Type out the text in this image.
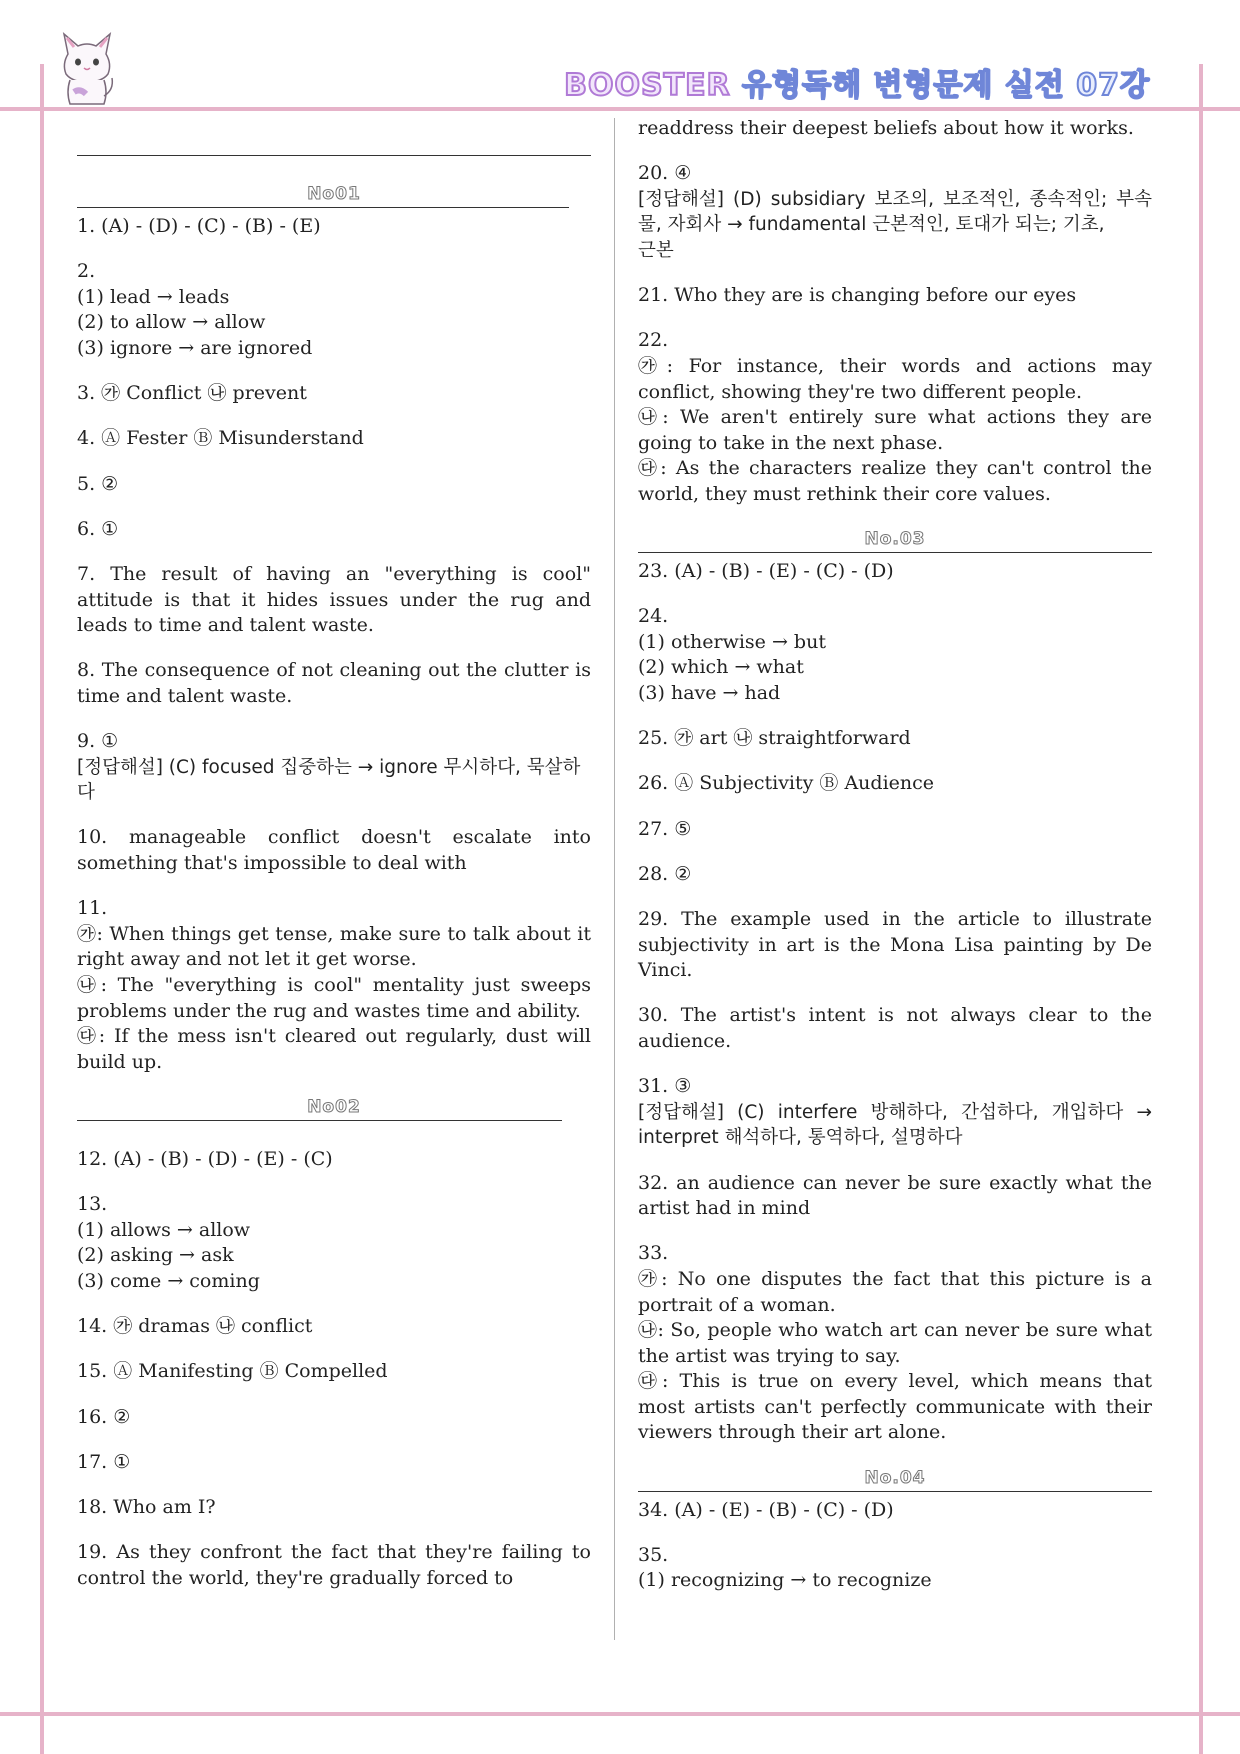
BOOSTER 유형독해 변형문제 실전 07강
No01

1. (A) - (D) - (C) - (B) - (E)

2.

(1) lead → leads

(2) to allow → allow

(3) ignore → are ignored

3. ㉮ Conflict ㉯ prevent

4. Ⓐ Fester Ⓑ Misunderstand

5. ②

6. ①

7. The result of having an "everything is cool" attitude is that it hides issues under the rug and leads to time and talent waste.

8. The consequence of not cleaning out the clutter is time and talent waste.

9. ①

[정답해설] (C) focused 집중하는 → ignore 무시하다, 묵살하다

10. manageable conflict doesn't escalate into something that's impossible to deal with

11.

㉮: When things get tense, make sure to talk about it right away and not let it get worse.

㉯: The "everything is cool" mentality just sweeps problems under the rug and wastes time and ability.

㉰: If the mess isn't cleared out regularly, dust will build up.

No02

12. (A) - (B) - (D) - (E) - (C)

13.

(1) allows → allow

(2) asking → ask

(3) come → coming

14. ㉮ dramas ㉯ conflict

15. Ⓐ Manifesting Ⓑ Compelled

16. ②

17. ①

18. Who am I?

19. As they confront the fact that they're failing to control the world, they're gradually forced to

readdress their deepest beliefs about how it works.

20. ④

[정답해설] (D) subsidiary 보조의, 보조적인, 종속적인; 부속물, 자회사 → fundamental 근본적인, 토대가 되는; 기초,

근본

21. Who they are is changing before our eyes

22.

㉮: For instance, their words and actions may conflict, showing they're two different people.

㉯: We aren't entirely sure what actions they are going to take in the next phase.

㉰: As the characters realize they can't control the world, they must rethink their core values.

No.03

23. (A) - (B) - (E) - (C) - (D)

24.

(1) otherwise → but

(2) which → what

(3) have → had

25. ㉮ art ㉯ straightforward

26. Ⓐ Subjectivity Ⓑ Audience

27. ⑤

28. ②

29. The example used in the article to illustrate subjectivity in art is the Mona Lisa painting by De Vinci.

30. The artist's intent is not always clear to the audience.

31. ③

[정답해설] (C) interfere 방해하다, 간섭하다, 개입하다 → interpret 해석하다, 통역하다, 설명하다

32. an audience can never be sure exactly what the artist had in mind

33.

㉮: No one disputes the fact that this picture is a portrait of a woman.

㉯: So, people who watch art can never be sure what the artist was trying to say.

㉰: This is true on every level, which means that most artists can't perfectly communicate with their viewers through their art alone.

No.04

34. (A) - (E) - (B) - (C) - (D)

35.

(1) recognizing → to recognize
